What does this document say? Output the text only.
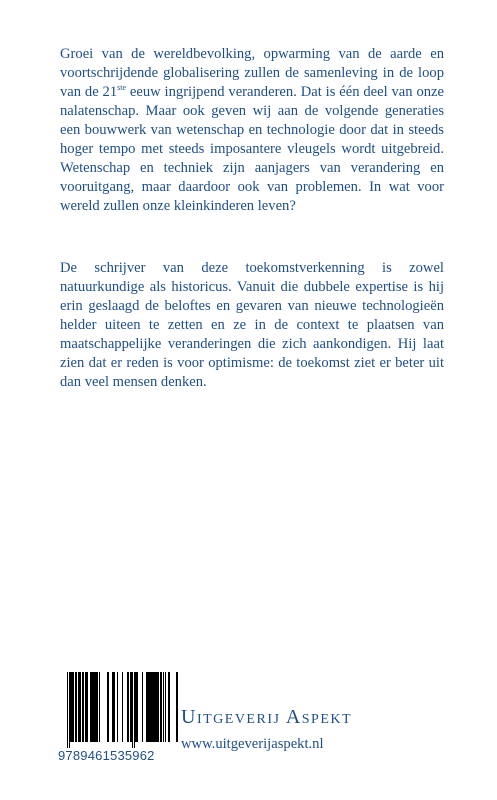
Groei van de wereldbevolking, opwarming van de aarde en voortschrijdende globalisering zullen de samenleving in de loop van de 21ste eeuw ingrijpend veranderen. Dat is één deel van onze nalatenschap. Maar ook geven wij aan de volgende generaties een bouwwerk van wetenschap en technologie door dat in steeds hoger tempo met steeds imposantere vleugels wordt uitgebreid. Wetenschap en techniek zijn aanjagers van verandering en vooruitgang, maar daardoor ook van problemen. In wat voor wereld zullen onze kleinkinderen leven?
De schrijver van deze toekomstverkenning is zowel natuurkundige als historicus. Vanuit die dubbele expertise is hij erin geslaagd de beloftes en gevaren van nieuwe technologieën helder uiteen te zetten en ze in de context te plaatsen van maatschappelijke veranderingen die zich aankondigen. Hij laat zien dat er reden is voor optimisme: de toekomst ziet er beter uit dan veel mensen denken.
9789461535962
Uitgeverij Aspekt
www.uitgeverijaspekt.nl
